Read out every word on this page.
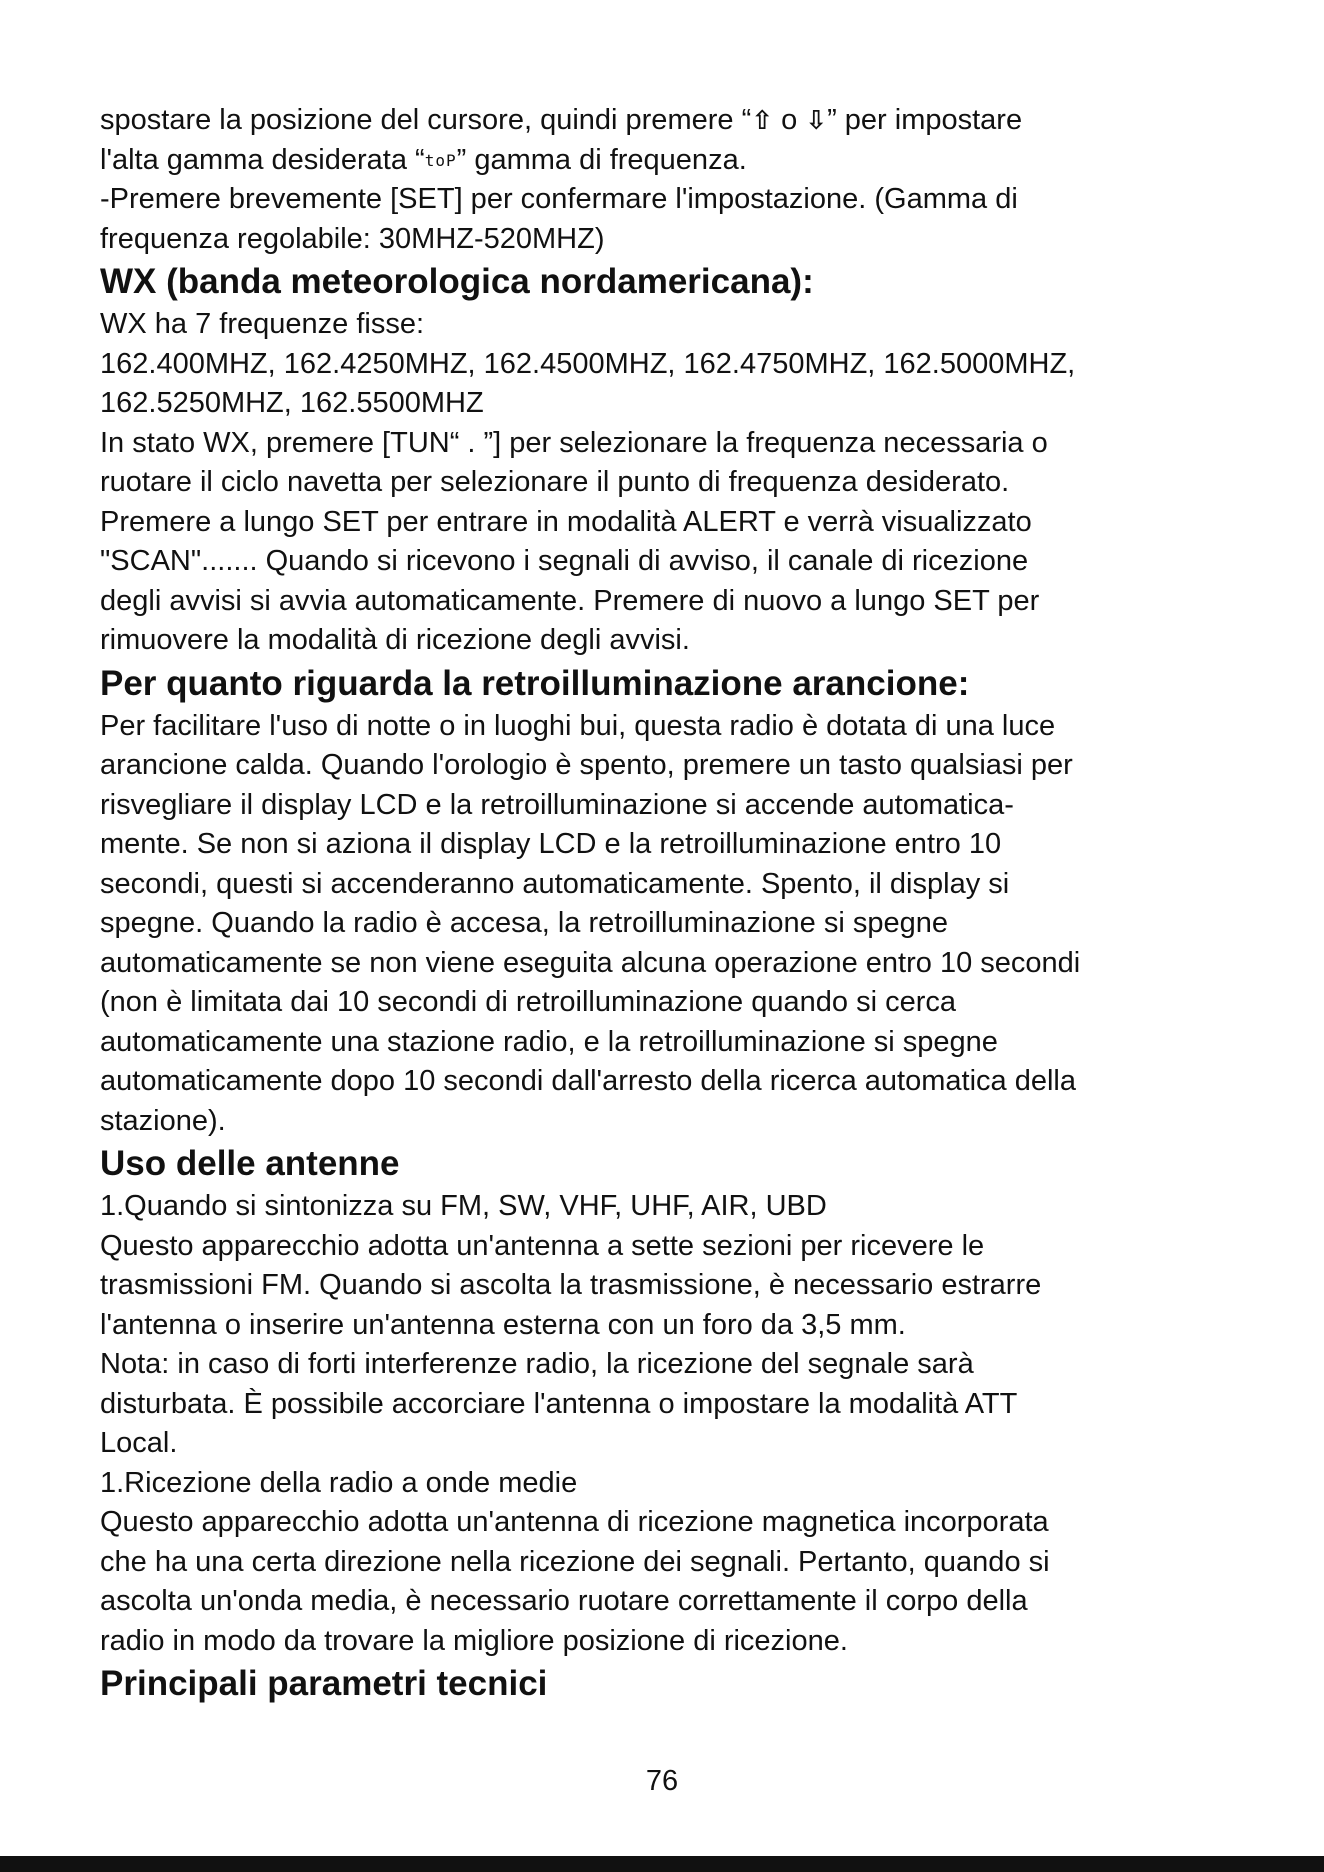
spostare la posizione del cursore, quindi premere “⇧ o ⇩” per impostare
l'alta gamma desiderata “toP” gamma di frequenza.
-Premere brevemente [SET] per confermare l'impostazione. (Gamma di
frequenza regolabile: 30MHZ-520MHZ)
WX (banda meteorologica nordamericana):
WX ha 7 frequenze fisse:
162.400MHZ, 162.4250MHZ, 162.4500MHZ, 162.4750MHZ, 162.5000MHZ,
162.5250MHZ, 162.5500MHZ
In stato WX, premere [TUN“ . ”] per selezionare la frequenza necessaria o
ruotare il ciclo navetta per selezionare il punto di frequenza desiderato.
Premere a lungo SET per entrare in modalità ALERT e verrà visualizzato
"SCAN"....... Quando si ricevono i segnali di avviso, il canale di ricezione
degli avvisi si avvia automaticamente. Premere di nuovo a lungo SET per
rimuovere la modalità di ricezione degli avvisi.
Per quanto riguarda la retroilluminazione arancione:
Per facilitare l'uso di notte o in luoghi bui, questa radio è dotata di una luce
arancione calda. Quando l'orologio è spento, premere un tasto qualsiasi per
risvegliare il display LCD e la retroilluminazione si accende automatica-
mente. Se non si aziona il display LCD e la retroilluminazione entro 10
secondi, questi si accenderanno automaticamente. Spento, il display si
spegne. Quando la radio è accesa, la retroilluminazione si spegne
automaticamente se non viene eseguita alcuna operazione entro 10 secondi
(non è limitata dai 10 secondi di retroilluminazione quando si cerca
automaticamente una stazione radio, e la retroilluminazione si spegne
automaticamente dopo 10 secondi dall'arresto della ricerca automatica della
stazione).
Uso delle antenne
1.Quando si sintonizza su FM, SW, VHF, UHF, AIR, UBD
Questo apparecchio adotta un'antenna a sette sezioni per ricevere le
trasmissioni FM. Quando si ascolta la trasmissione, è necessario estrarre
l'antenna o inserire un'antenna esterna con un foro da 3,5 mm.
Nota: in caso di forti interferenze radio, la ricezione del segnale sarà
disturbata. È possibile accorciare l'antenna o impostare la modalità ATT
Local.
1.Ricezione della radio a onde medie
Questo apparecchio adotta un'antenna di ricezione magnetica incorporata
che ha una certa direzione nella ricezione dei segnali. Pertanto, quando si
ascolta un'onda media, è necessario ruotare correttamente il corpo della
radio in modo da trovare la migliore posizione di ricezione.
Principali parametri tecnici
76
